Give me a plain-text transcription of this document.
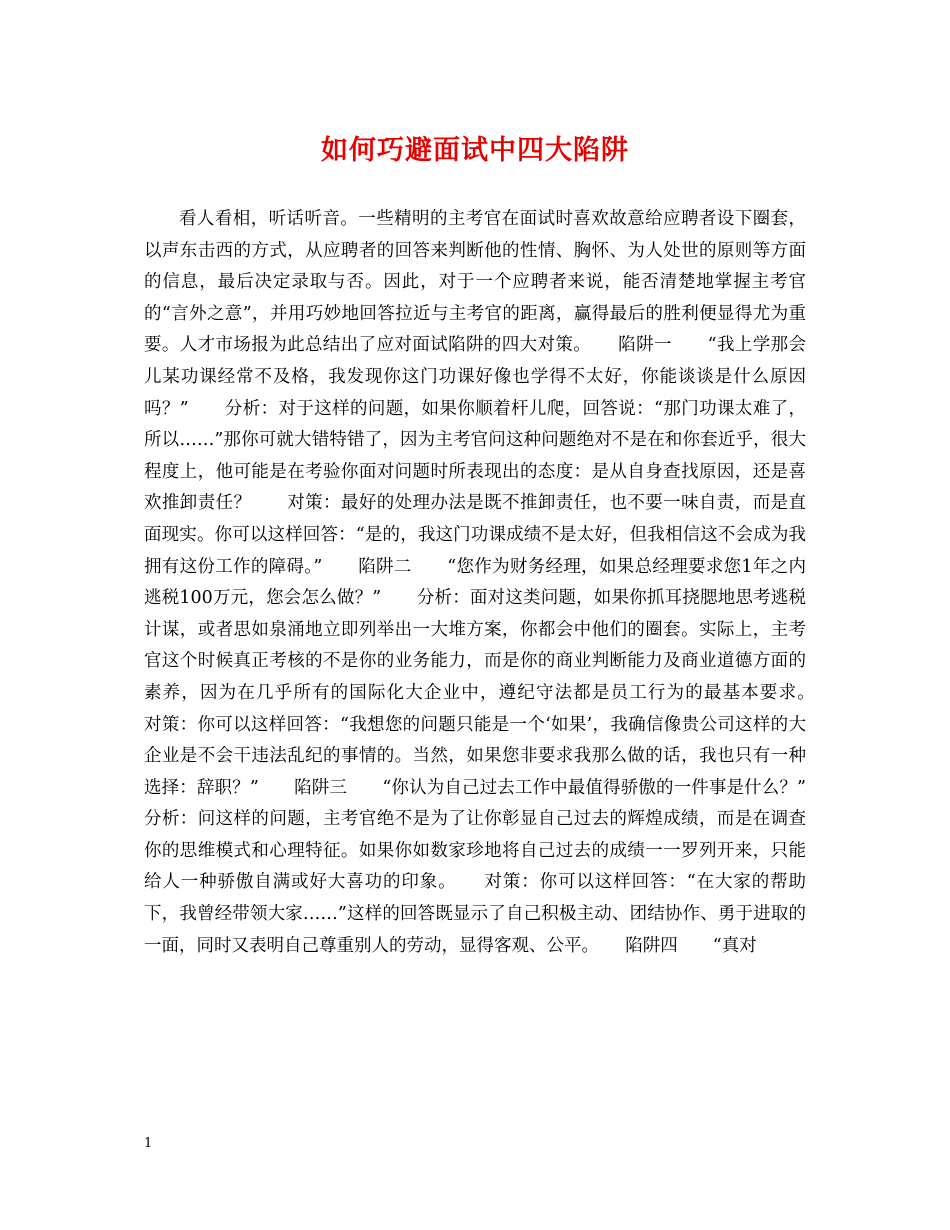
如何巧避面试中四大陷阱
看人看相，听话听音。一些精明的主考官在面试时喜欢故意给应聘者设下圈套，以声东击西的方式，从应聘者的回答来判断他的性情、胸怀、为人处世的原则等方面的信息，最后决定录取与否。因此，对于一个应聘者来说，能否清楚地掌握主考官的“言外之意”，并用巧妙地回答拉近与主考官的距离，赢得最后的胜利便显得尤为重要。人才市场报为此总结出了应对面试陷阱的四大对策。　　陷阱一　　“我上学那会儿某功课经常不及格，我发现你这门功课好像也学得不太好，你能谈谈是什么原因吗？”　　分析：对于这样的问题，如果你顺着杆儿爬，回答说：“那门功课太难了，所以……”那你可就大错特错了，因为主考官问这种问题绝对不是在和你套近乎，很大程度上，他可能是在考验你面对问题时所表现出的态度：是从自身查找原因，还是喜欢推卸责任？　　对策：最好的处理办法是既不推卸责任，也不要一味自责，而是直面现实。你可以这样回答：“是的，我这门功课成绩不是太好，但我相信这不会成为我拥有这份工作的障碍。”　　陷阱二　　“您作为财务经理，如果总经理要求您1年之内逃税100万元，您会怎么做？”　　分析：面对这类问题，如果你抓耳挠腮地思考逃税计谋，或者思如泉涌地立即列举出一大堆方案，你都会中他们的圈套。实际上，主考官这个时候真正考核的不是你的业务能力，而是你的商业判断能力及商业道德方面的素养，因为在几乎所有的国际化大企业中，遵纪守法都是员工行为的最基本要求。　　对策：你可以这样回答：“我想您的问题只能是一个‘如果’，我确信像贵公司这样的大企业是不会干违法乱纪的事情的。当然，如果您非要求我那么做的话，我也只有一种选择：辞职？”　　陷阱三　　“你认为自己过去工作中最值得骄傲的一件事是什么？”　　分析：问这样的问题，主考官绝不是为了让你彰显自己过去的辉煌成绩，而是在调查你的思维模式和心理特征。如果你如数家珍地将自己过去的成绩一一罗列开来，只能给人一种骄傲自满或好大喜功的印象。　　对策：你可以这样回答：“在大家的帮助下，我曾经带领大家……”这样的回答既显示了自己积极主动、团结协作、勇于进取的一面，同时又表明自己尊重别人的劳动，显得客观、公平。　　陷阱四　　“真对
1
